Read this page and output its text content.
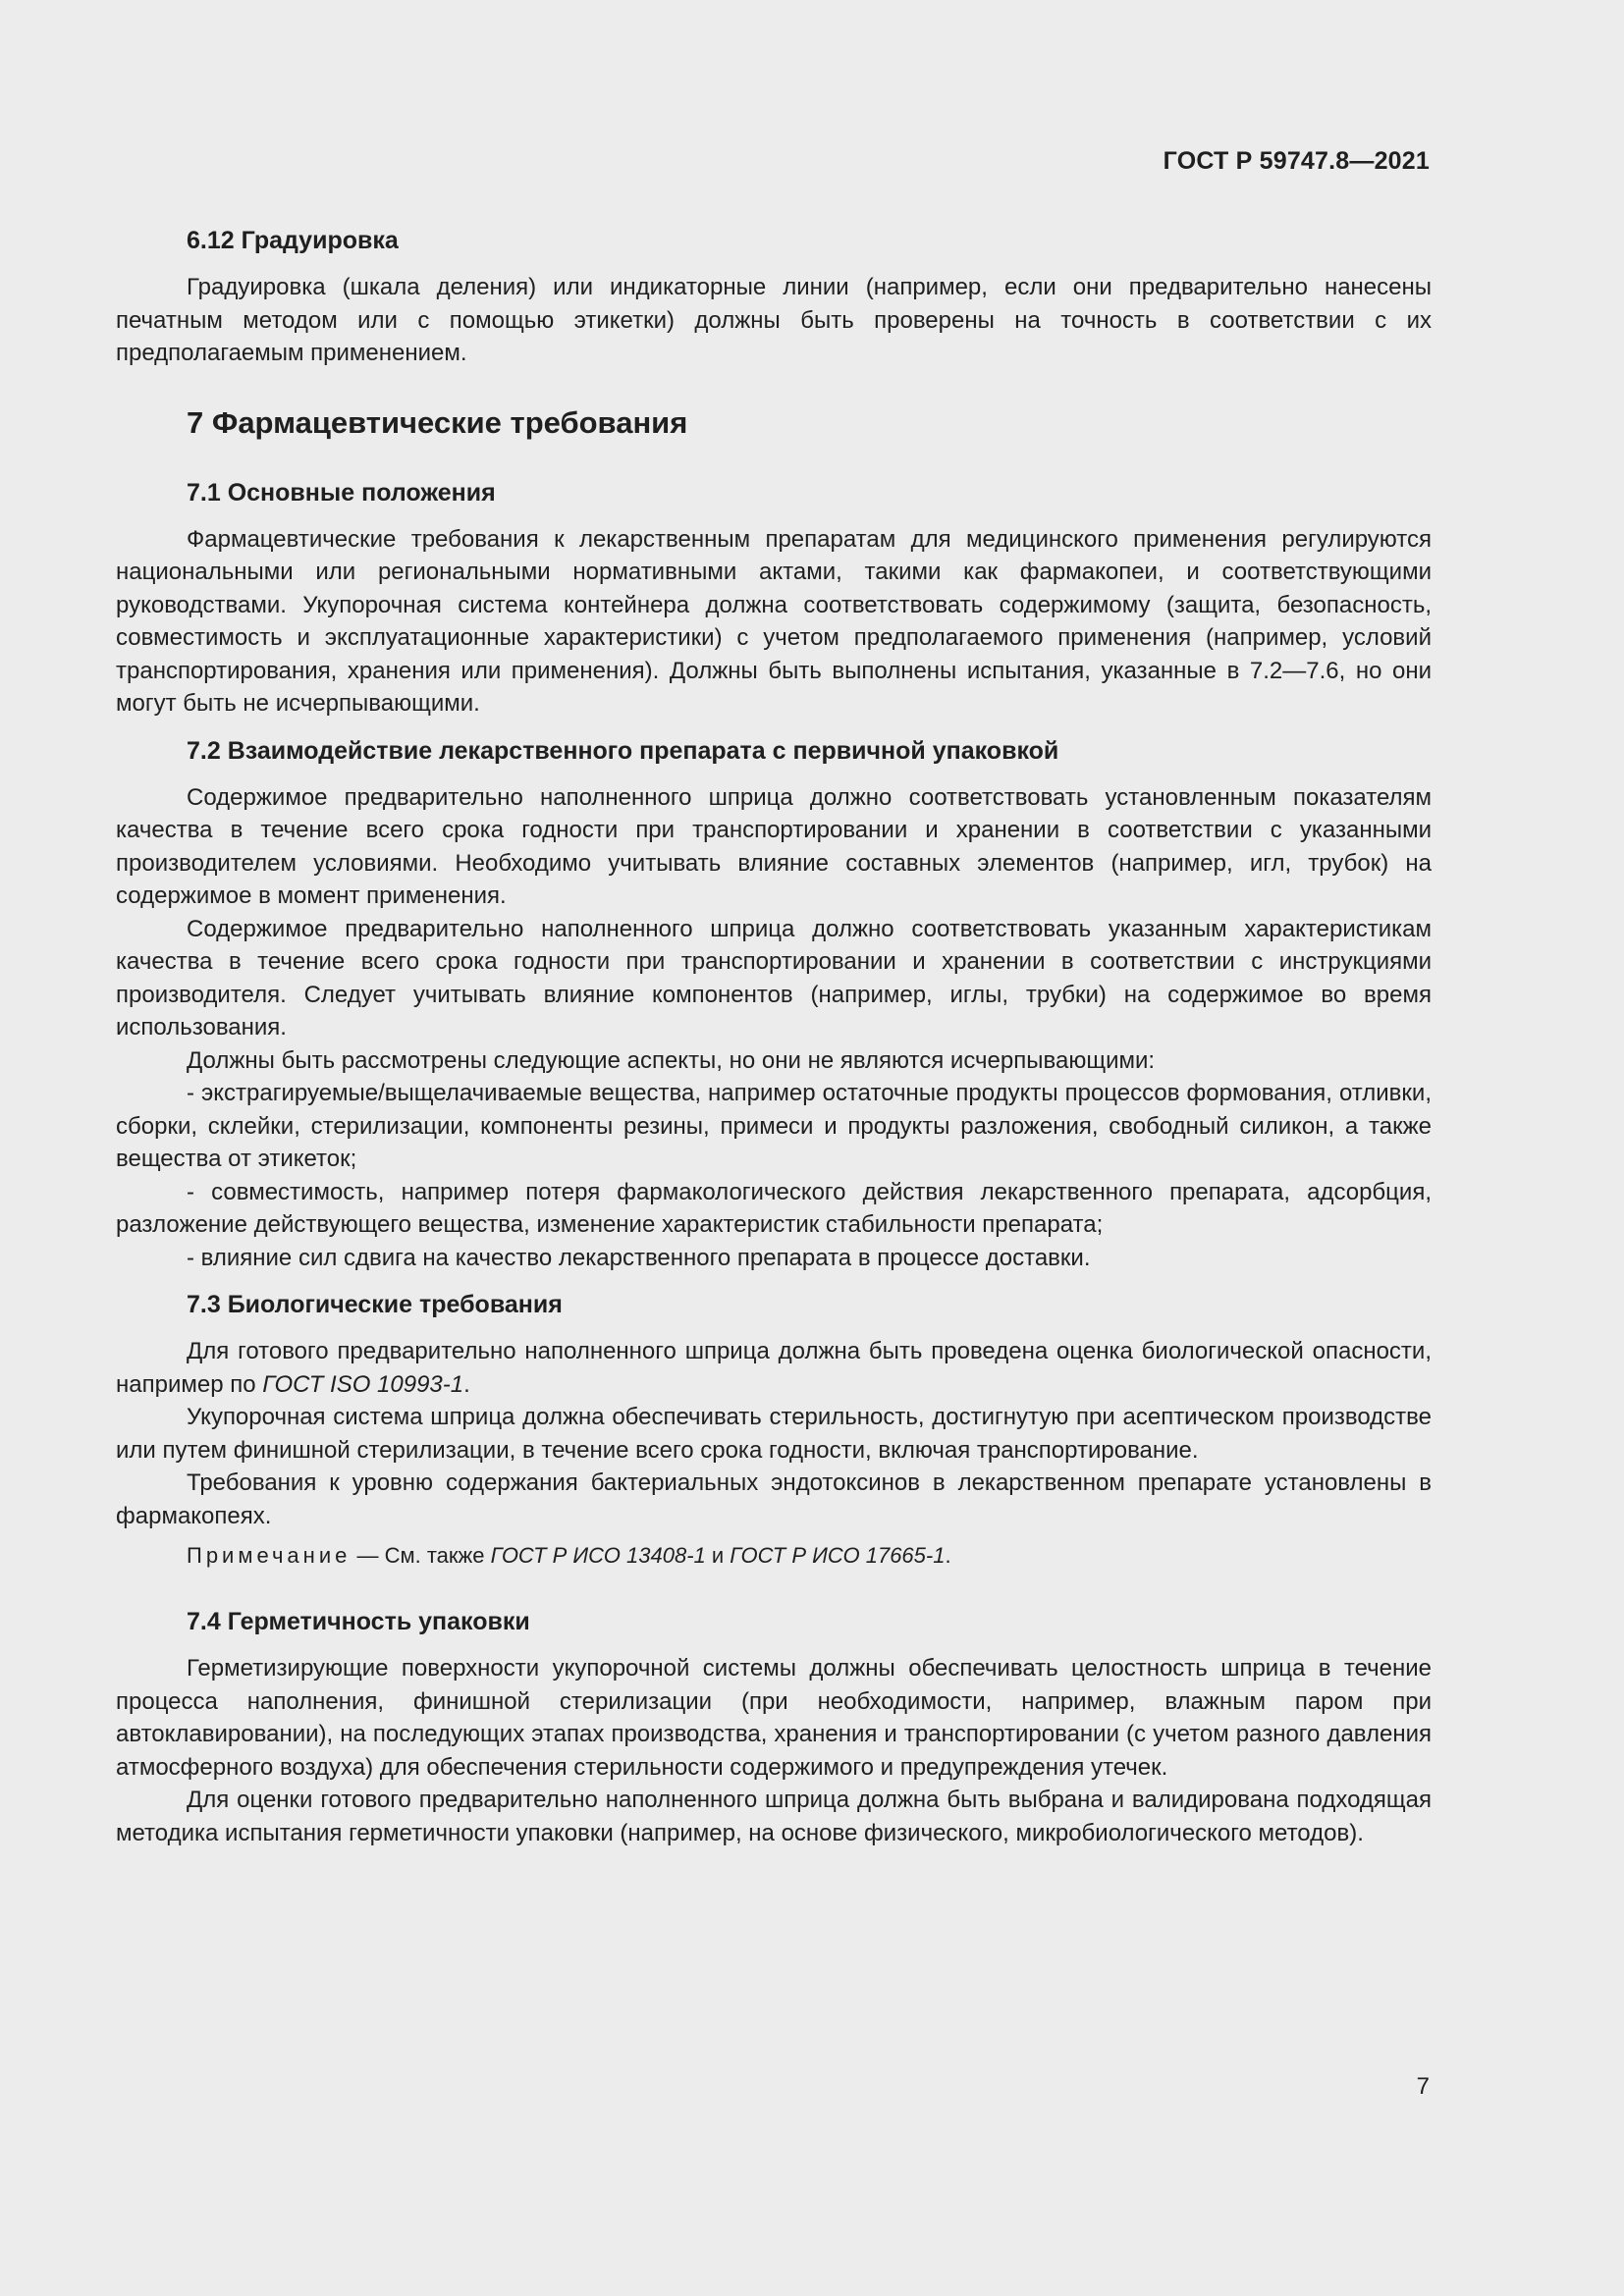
ГОСТ Р 59747.8—2021
6.12 Градуировка

Градуировка (шкала деления) или индикаторные линии (например, если они предварительно нанесены печатным методом или с помощью этикетки) должны быть проверены на точность в соответствии с их предполагаемым применением.

7 Фармацевтические требования
7.1 Основные положения

Фармацевтические требования к лекарственным препаратам для медицинского применения регулируются национальными или региональными нормативными актами, такими как фармакопеи, и соответствующими руководствами. Укупорочная система контейнера должна соответствовать содержимому (защита, безопасность, совместимость и эксплуатационные характеристики) с учетом предполагаемого применения (например, условий транспортирования, хранения или применения). Должны быть выполнены испытания, указанные в 7.2—7.6, но они могут быть не исчерпывающими.

7.2 Взаимодействие лекарственного препарата с первичной упаковкой

Содержимое предварительно наполненного шприца должно соответствовать установленным показателям качества в течение всего срока годности при транспортировании и хранении в соответствии с указанными производителем условиями. Необходимо учитывать влияние составных элементов (например, игл, трубок) на содержимое в момент применения.

Содержимое предварительно наполненного шприца должно соответствовать указанным характеристикам качества в течение всего срока годности при транспортировании и хранении в соответствии с инструкциями производителя. Следует учитывать влияние компонентов (например, иглы, трубки) на содержимое во время использования.

Должны быть рассмотрены следующие аспекты, но они не являются исчерпывающими:

- экстрагируемые/выщелачиваемые вещества, например остаточные продукты процессов формования, отливки, сборки, склейки, стерилизации, компоненты резины, примеси и продукты разложения, свободный силикон, а также вещества от этикеток;

- совместимость, например потеря фармакологического действия лекарственного препарата, адсорбция, разложение действующего вещества, изменение характеристик стабильности препарата;

- влияние сил сдвига на качество лекарственного препарата в процессе доставки.

7.3 Биологические требования

Для готового предварительно наполненного шприца должна быть проведена оценка биологической опасности, например по ГОСТ ISO 10993-1.

Укупорочная система шприца должна обеспечивать стерильность, достигнутую при асептическом производстве или путем финишной стерилизации, в течение всего срока годности, включая транспортирование.

Требования к уровню содержания бактериальных эндотоксинов в лекарственном препарате установлены в фармакопеях.

Примечание — См. также ГОСТ Р ИСО 13408-1 и ГОСТ Р ИСО 17665-1.

7.4 Герметичность упаковки

Герметизирующие поверхности укупорочной системы должны обеспечивать целостность шприца в течение процесса наполнения, финишной стерилизации (при необходимости, например, влажным паром при автоклавировании), на последующих этапах производства, хранения и транспортировании (с учетом разного давления атмосферного воздуха) для обеспечения стерильности содержимого и предупреждения утечек.

Для оценки готового предварительно наполненного шприца должна быть выбрана и валидирована подходящая методика испытания герметичности упаковки (например, на основе физического, микробиологического методов).

7
